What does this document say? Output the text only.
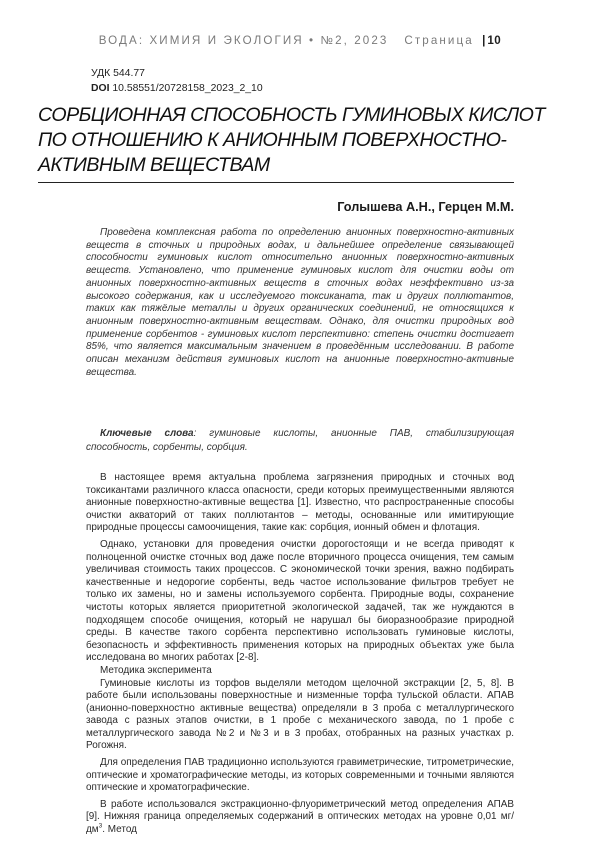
ВОДА: ХИМИЯ И ЭКОЛОГИЯ • №2, 2023 Страница | 10
УДК 544.77
DOI 10.58551/20728158_2023_2_10
СОРБЦИОННАЯ СПОСОБНОСТЬ ГУМИНОВЫХ КИСЛОТ ПО ОТНОШЕНИЮ К АНИОННЫМ ПОВЕРХНОСТНО-АКТИВНЫМ ВЕЩЕСТВАМ
Голышева А.Н., Герцен М.М.

Проведена комплексная работа по определению анионных поверхностно-активных веществ в сточных и природных водах, и дальнейшее определение связывающей способности гуминовых кислот относительно анионных поверхностно-активных веществ. Установлено, что применение гуминовых кислот для очистки воды от анионных поверхностно-активных веществ в сточных водах неэффективно из-за высокого содержания, как и исследуемого токсиканата, так и других поллютантов, таких как тяжёлые металлы и других органических соединений, не относящихся к анионным поверхностно-активным веществам. Однако, для очистки природных вод применение сорбентов - гуминовых кислот перспективно: степень очистки достигает 85%, что является максимальным значением в проведённым исследовании. В работе описан механизм действия гуминовых кислот на анионные поверхностно-активные вещества.

Ключевые слова: гуминовые кислоты, анионные ПАВ, стабилизирующая способность, сорбенты, сорбция.

В настоящее время актуальна проблема загрязнения природных и сточных вод токсикантами различного класса опасности, среди которых преимущественными являются анионные поверхностно-активные вещества [1]. Известно, что распространенные способы очистки акваторий от таких поллютантов – методы, основанные или имитирующие природные процессы самоочищения, такие как: сорбция, ионный обмен и флотация.

Однако, установки для проведения очистки дорогостоящи и не всегда приводят к полноценной очистке сточных вод даже после вторичного процесса очищения, тем самым увеличивая стоимость таких процессов. С экономической точки зрения, важно подбирать качественные и недорогие сорбенты, ведь частое использование фильтров требует не только их замены, но и замены используемого сорбента. Природные воды, сохранение чистоты которых является приоритетной экологической задачей, так же нуждаются в подходящем способе очищения, который не нарушал бы биоразнообразие природной среды. В качестве такого сорбента перспективно использовать гуминовые кислоты, безопасность и эффективность применения которых на природных объектах уже была исследована во многих работах [2-8].

Методика эксперимента

Гуминовые кислоты из торфов выделяли методом щелочной экстракции [2, 5, 8]. В работе были использованы поверхностные и низменные торфа тульской области. АПАВ (анионно-поверхностно активные вещества) определяли в 3 проба с металлургического завода с разных этапов очистки, в 1 пробе с механического завода, по 1 пробе с металлургического завода №2 и №3 и в 3 пробах, отобранных на разных участках р. Рогожня.

Для определения ПАВ традиционно используются гравиметрические, титрометрические, оптические и хроматографические методы, из которых современными и точными являются оптические и хроматографические.

В работе использовался экстракционно-флуориметрический метод определения АПАВ [9]. Нижняя граница определяемых содержаний в оптических методах на уровне 0,01 $мг/дм^3$. Метод
